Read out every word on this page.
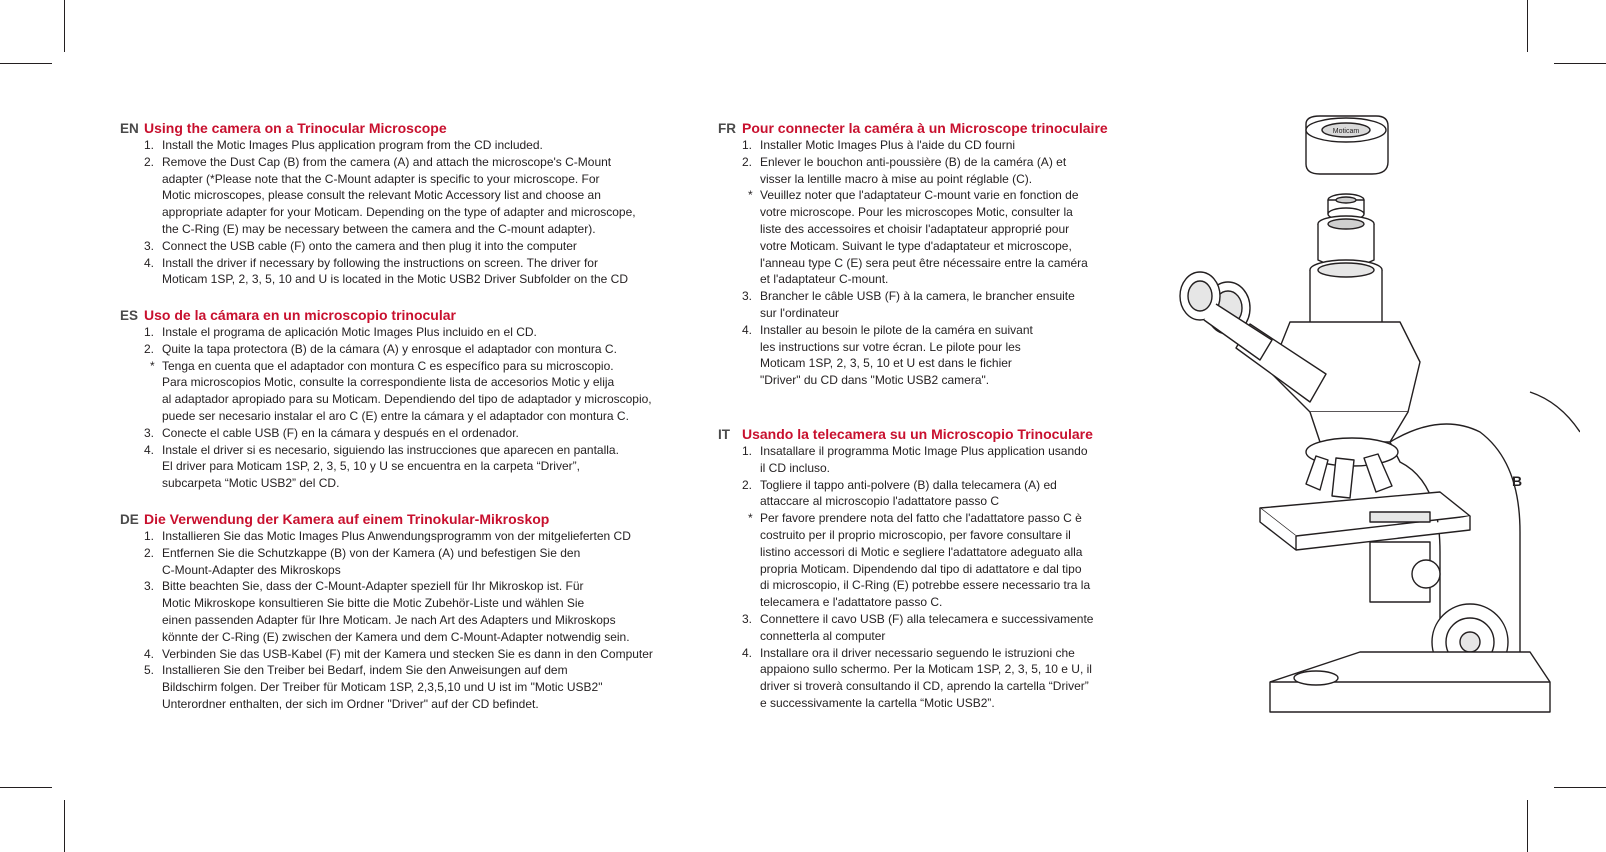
EN Using the camera on a Trinocular Microscope
1. Install the Motic Images Plus application program from the CD included.
2. Remove the Dust Cap (B) from the camera (A) and attach the microscope's C-Mount
adapter (*Please note that the C-Mount adapter is specific to your microscope. For
Motic microscopes, please consult the relevant Motic Accessory list and choose an
appropriate adapter for your Moticam. Depending on the type of adapter and microscope,
the C-Ring (E) may be necessary between the camera and the C-mount adapter).
3. Connect the USB cable (F) onto the camera and then plug it into the computer
4. Install the driver if necessary by following the instructions on screen. The driver for
Moticam 1SP, 2, 3, 5, 10 and U is located in the Motic USB2 Driver Subfolder on the CD
ES Uso de la cámara en un microscopio trinocular
1. Instale el programa de aplicación Motic Images Plus incluido en el CD.
2. Quite la tapa protectora (B) de la cámara (A) y enrosque el adaptador con montura C.
* Tenga en cuenta que el adaptador con montura C es específico para su microscopio.
Para microscopios Motic, consulte la correspondiente lista de accesorios Motic y elija
al adaptador apropiado para su Moticam. Dependiendo del tipo de adaptador y microscopio,
puede ser necesario instalar el aro C (E) entre la cámara y el adaptador con montura C.
3. Conecte el cable USB (F) en la cámara y después en el ordenador.
4. Instale el driver si es necesario, siguiendo las instrucciones que aparecen en pantalla.
El driver para Moticam 1SP, 2, 3, 5, 10 y U se encuentra en la carpeta “Driver”,
subcarpeta “Motic USB2” del CD.
DE Die Verwendung der Kamera auf einem Trinokular-Mikroskop
1. Installieren Sie das Motic Images Plus Anwendungsprogramm von der mitgelieferten CD
2. Entfernen Sie die Schutzkappe (B) von der Kamera (A) und befestigen Sie den
C-Mount-Adapter des Mikroskops
3. Bitte beachten Sie, dass der C-Mount-Adapter speziell für Ihr Mikroskop ist. Für
Motic Mikroskope konsultieren Sie bitte die Motic Zubehör-Liste und wählen Sie
einen passenden Adapter für Ihre Moticam. Je nach Art des Adapters und Mikroskops
könnte der C-Ring (E) zwischen der Kamera und dem C-Mount-Adapter notwendig sein.
4. Verbinden Sie das USB-Kabel (F) mit der Kamera und stecken Sie es dann in den Computer
5. Installieren Sie den Treiber bei Bedarf, indem Sie den Anweisungen auf dem
Bildschirm folgen. Der Treiber für Moticam 1SP, 2,3,5,10 und U ist im "Motic USB2"
Unterordner enthalten, der sich im Ordner "Driver" auf der CD befindet.
FR Pour connecter la caméra à un Microscope trinoculaire
1. Installer Motic Images Plus à l'aide du CD fourni
2. Enlever le bouchon anti-poussière (B) de la caméra (A) et
visser la lentille macro à mise au point réglable (C).
* Veuillez noter que l'adaptateur C-mount varie en fonction de
votre microscope. Pour les microscopes Motic, consulter la
liste des accessoires et choisir l'adaptateur approprié pour
votre Moticam. Suivant le type d'adaptateur et microscope,
l'anneau type C (E) sera peut être nécessaire entre la caméra
et l'adaptateur C-mount.
3. Brancher le câble USB (F) à la camera, le brancher ensuite
sur l'ordinateur
4. Installer au besoin le pilote de la caméra en suivant
les instructions sur votre écran. Le pilote pour les
Moticam 1SP, 2, 3, 5, 10 et U est dans le fichier
"Driver" du CD dans "Motic USB2 camera".
IT Usando la telecamera su un Microscopio Trinoculare
1. Insatallare il programma Motic Image Plus application usando
il CD incluso.
2. Togliere il tappo anti-polvere (B) dalla telecamera (A) ed
attaccare al microscopio l'adattatore passo C
* Per favore prendere nota del fatto che l'adattatore passo C è
costruito per il proprio microscopio, per favore consultare il
listino accessori di Motic e segliere l'adattatore adeguato alla
propria Moticam. Dipendendo dal tipo di adattatore e dal tipo
di microscopio, il C-Ring (E) potrebbe essere necessario tra la
telecamera e l'adattatore passo C.
3. Connettere il cavo USB (F) alla telecamera e successivamente
connetterla al computer
4. Installare ora il driver necessario seguendo le istruzioni che
appaiono sullo schermo. Per la Moticam 1SP, 2, 3, 5, 10 e U, il
driver si troverà consultando il CD, aprendo la cartella “Driver”
e successivamente la cartella “Motic USB2”.
Moticam
B
